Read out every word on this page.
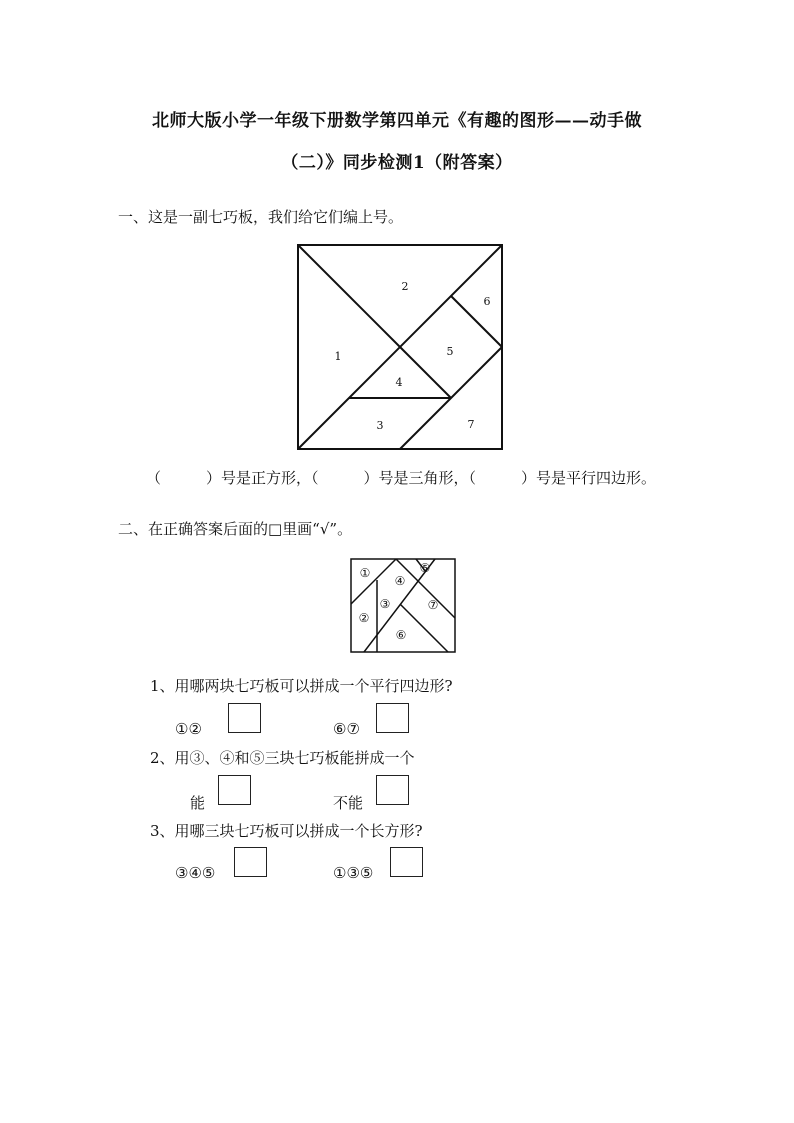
北师大版小学一年级下册数学第四单元《有趣的图形——动手做
（二）》同步检测1（附答案）
一、这是一副七巧板，我们给它们编上号。
1
2
3
4
5
6
7
（　　　）号是正方形，（　　　）号是三角形，（　　　）号是平行四边形。
二、在正确答案后面的□里画“√”。
①
②
③
④
⑤
⑥
⑦
1、用哪两块七巧板可以拼成一个平行四边形?
①②	⑥⑦
2、用③、④和⑤三块七巧板能拼成一个
能	不能
3、用哪三块七巧板可以拼成一个长方形?
③④⑤	①③⑤
